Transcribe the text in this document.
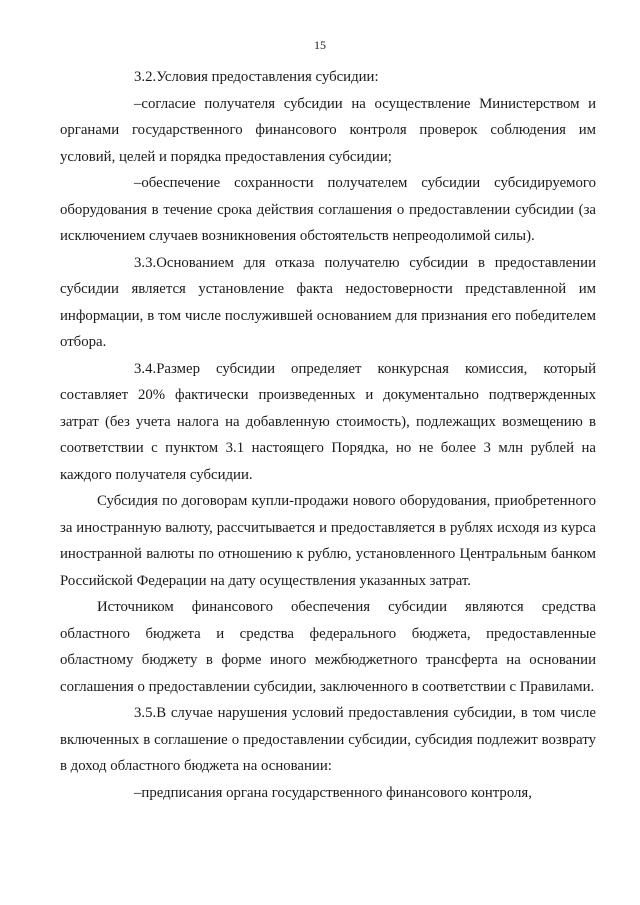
15

3.2.Условия предоставления субсидии:

–согласие получателя субсидии на осуществление Министерством и органами государственного финансового контроля проверок соблюдения им условий, целей и порядка предоставления субсидии;

–обеспечение сохранности получателем субсидии субсидируемого оборудования в течение срока действия соглашения о предоставлении субсидии (за исключением случаев возникновения обстоятельств непреодолимой силы).

3.3.Основанием для отказа получателю субсидии в предоставлении субсидии является установление факта недостоверности представленной им информации, в том числе послужившей основанием для признания его победителем отбора.

3.4.Размер субсидии определяет конкурсная комиссия, который составляет 20% фактически произведенных и документально подтвержденных затрат (без учета налога на добавленную стоимость), подлежащих возмещению в соответствии с пунктом 3.1 настоящего Порядка, но не более 3 млн рублей на каждого получателя субсидии.

Субсидия по договорам купли-продажи нового оборудования, приобретенного за иностранную валюту, рассчитывается и предоставляется в рублях исходя из курса иностранной валюты по отношению к рублю, установленного Центральным банком Российской Федерации на дату осуществления указанных затрат.

Источником финансового обеспечения субсидии являются средства областного бюджета и средства федерального бюджета, предоставленные областному бюджету в форме иного межбюджетного трансферта на основании соглашения о предоставлении субсидии, заключенного в соответствии с Правилами.

3.5.В случае нарушения условий предоставления субсидии, в том числе включенных в соглашение о предоставлении субсидии, субсидия подлежит возврату в доход областного бюджета на основании:

–предписания органа государственного финансового контроля,
